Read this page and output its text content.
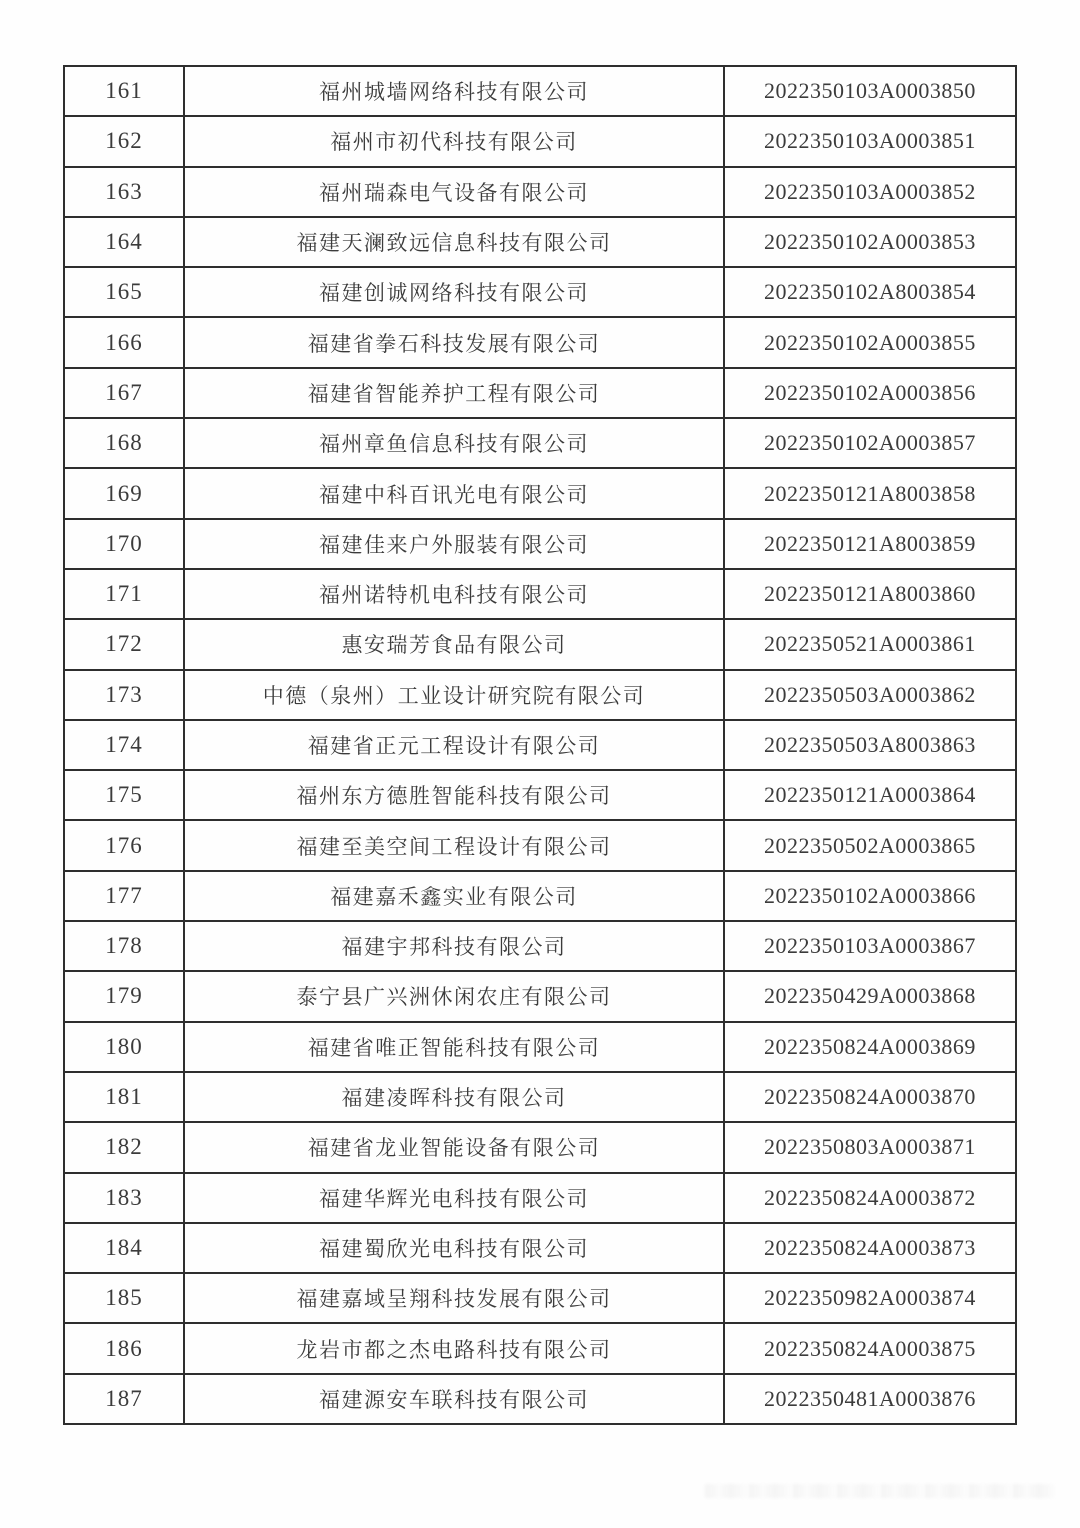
161	福州城墙网络科技有限公司	2022350103A0003850
162	福州市初代科技有限公司	2022350103A0003851
163	福州瑞森电气设备有限公司	2022350103A0003852
164	福建天澜致远信息科技有限公司	2022350102A0003853
165	福建创诚网络科技有限公司	2022350102A8003854
166	福建省拳石科技发展有限公司	2022350102A0003855
167	福建省智能养护工程有限公司	2022350102A0003856
168	福州章鱼信息科技有限公司	2022350102A0003857
169	福建中科百讯光电有限公司	2022350121A8003858
170	福建佳来户外服装有限公司	2022350121A8003859
171	福州诺特机电科技有限公司	2022350121A8003860
172	惠安瑞芳食品有限公司	2022350521A0003861
173	中德（泉州）工业设计研究院有限公司	2022350503A0003862
174	福建省正元工程设计有限公司	2022350503A8003863
175	福州东方德胜智能科技有限公司	2022350121A0003864
176	福建至美空间工程设计有限公司	2022350502A0003865
177	福建嘉禾鑫实业有限公司	2022350102A0003866
178	福建宇邦科技有限公司	2022350103A0003867
179	泰宁县广兴洲休闲农庄有限公司	2022350429A0003868
180	福建省唯正智能科技有限公司	2022350824A0003869
181	福建凌晖科技有限公司	2022350824A0003870
182	福建省龙业智能设备有限公司	2022350803A0003871
183	福建华辉光电科技有限公司	2022350824A0003872
184	福建蜀欣光电科技有限公司	2022350824A0003873
185	福建嘉域呈翔科技发展有限公司	2022350982A0003874
186	龙岩市都之杰电路科技有限公司	2022350824A0003875
187	福建源安车联科技有限公司	2022350481A0003876
